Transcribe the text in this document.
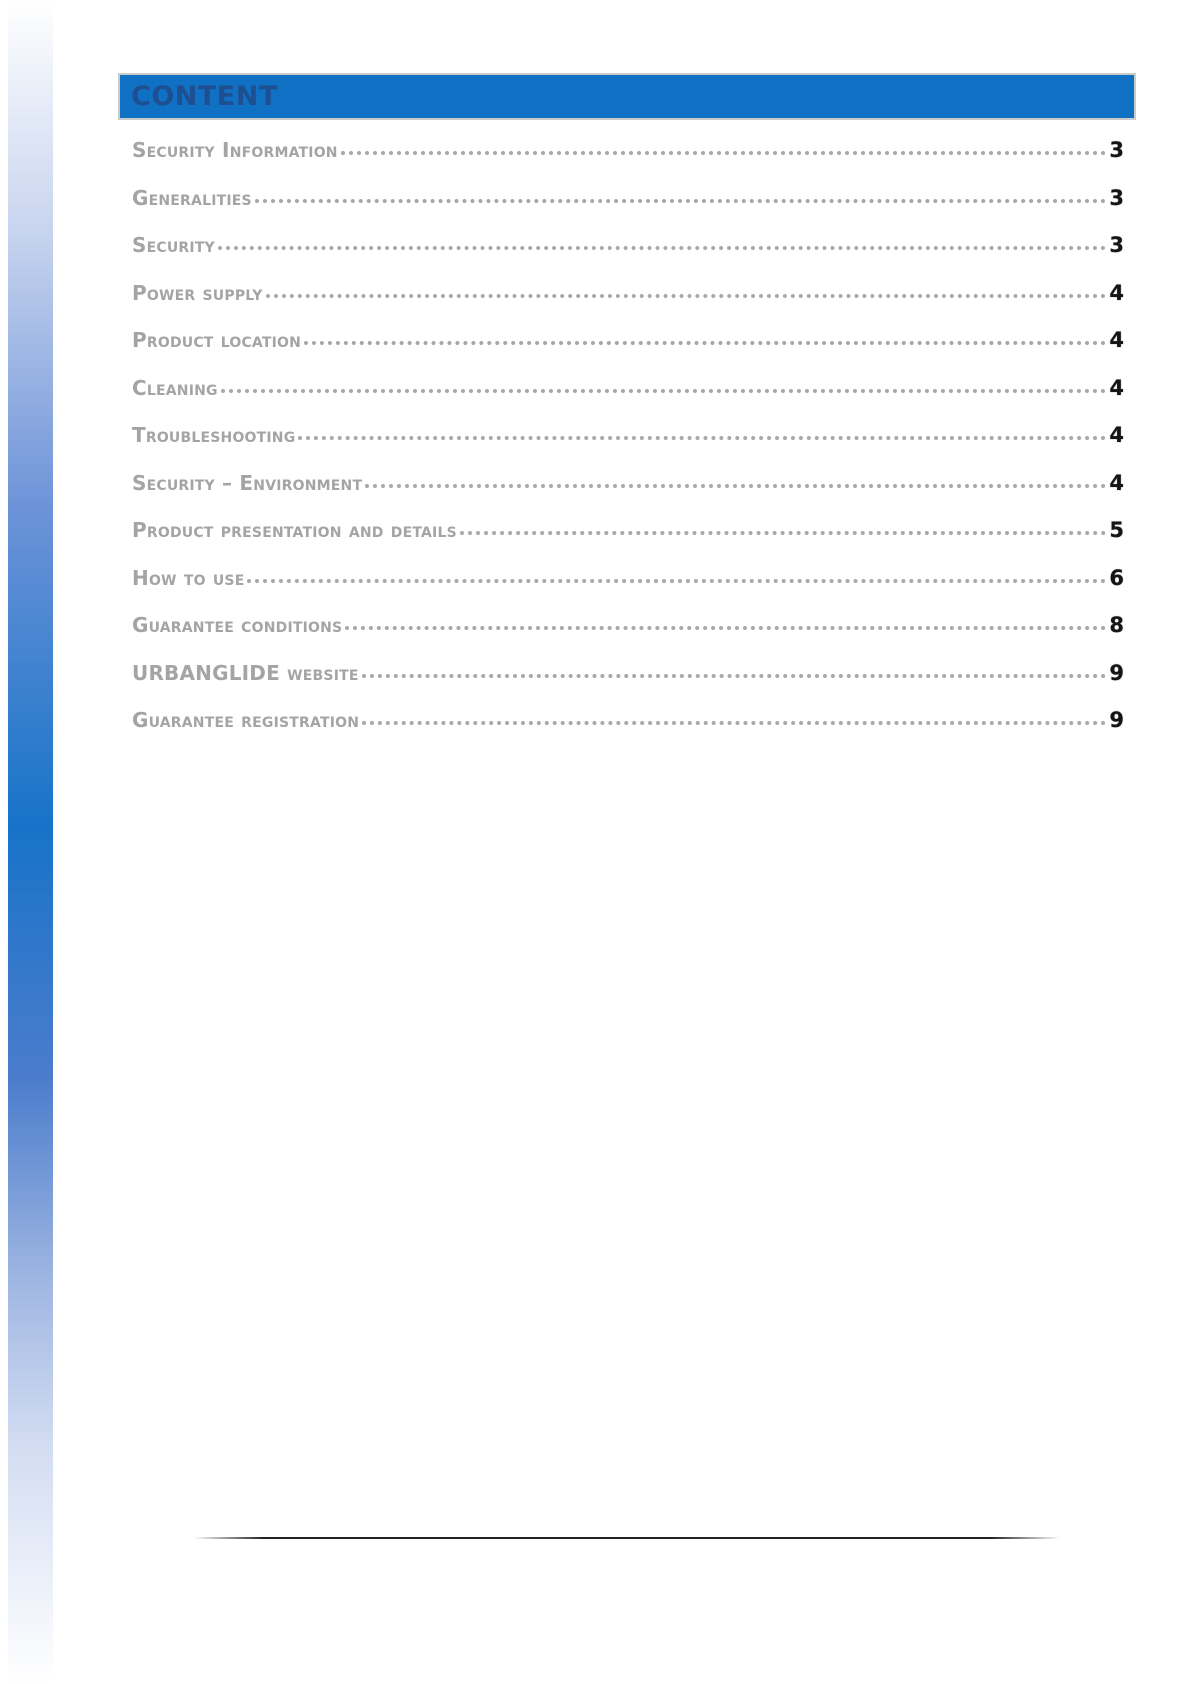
CONTENT
Security Information	3
Generalities	3
Security	3
Power supply	4
Product location	4
Cleaning	4
Troubleshooting	4
Security – Environment	4
Product presentation and details	5
How to use	6
Guarantee conditions	8
URBANGLIDE website	9
Guarantee registration	9
